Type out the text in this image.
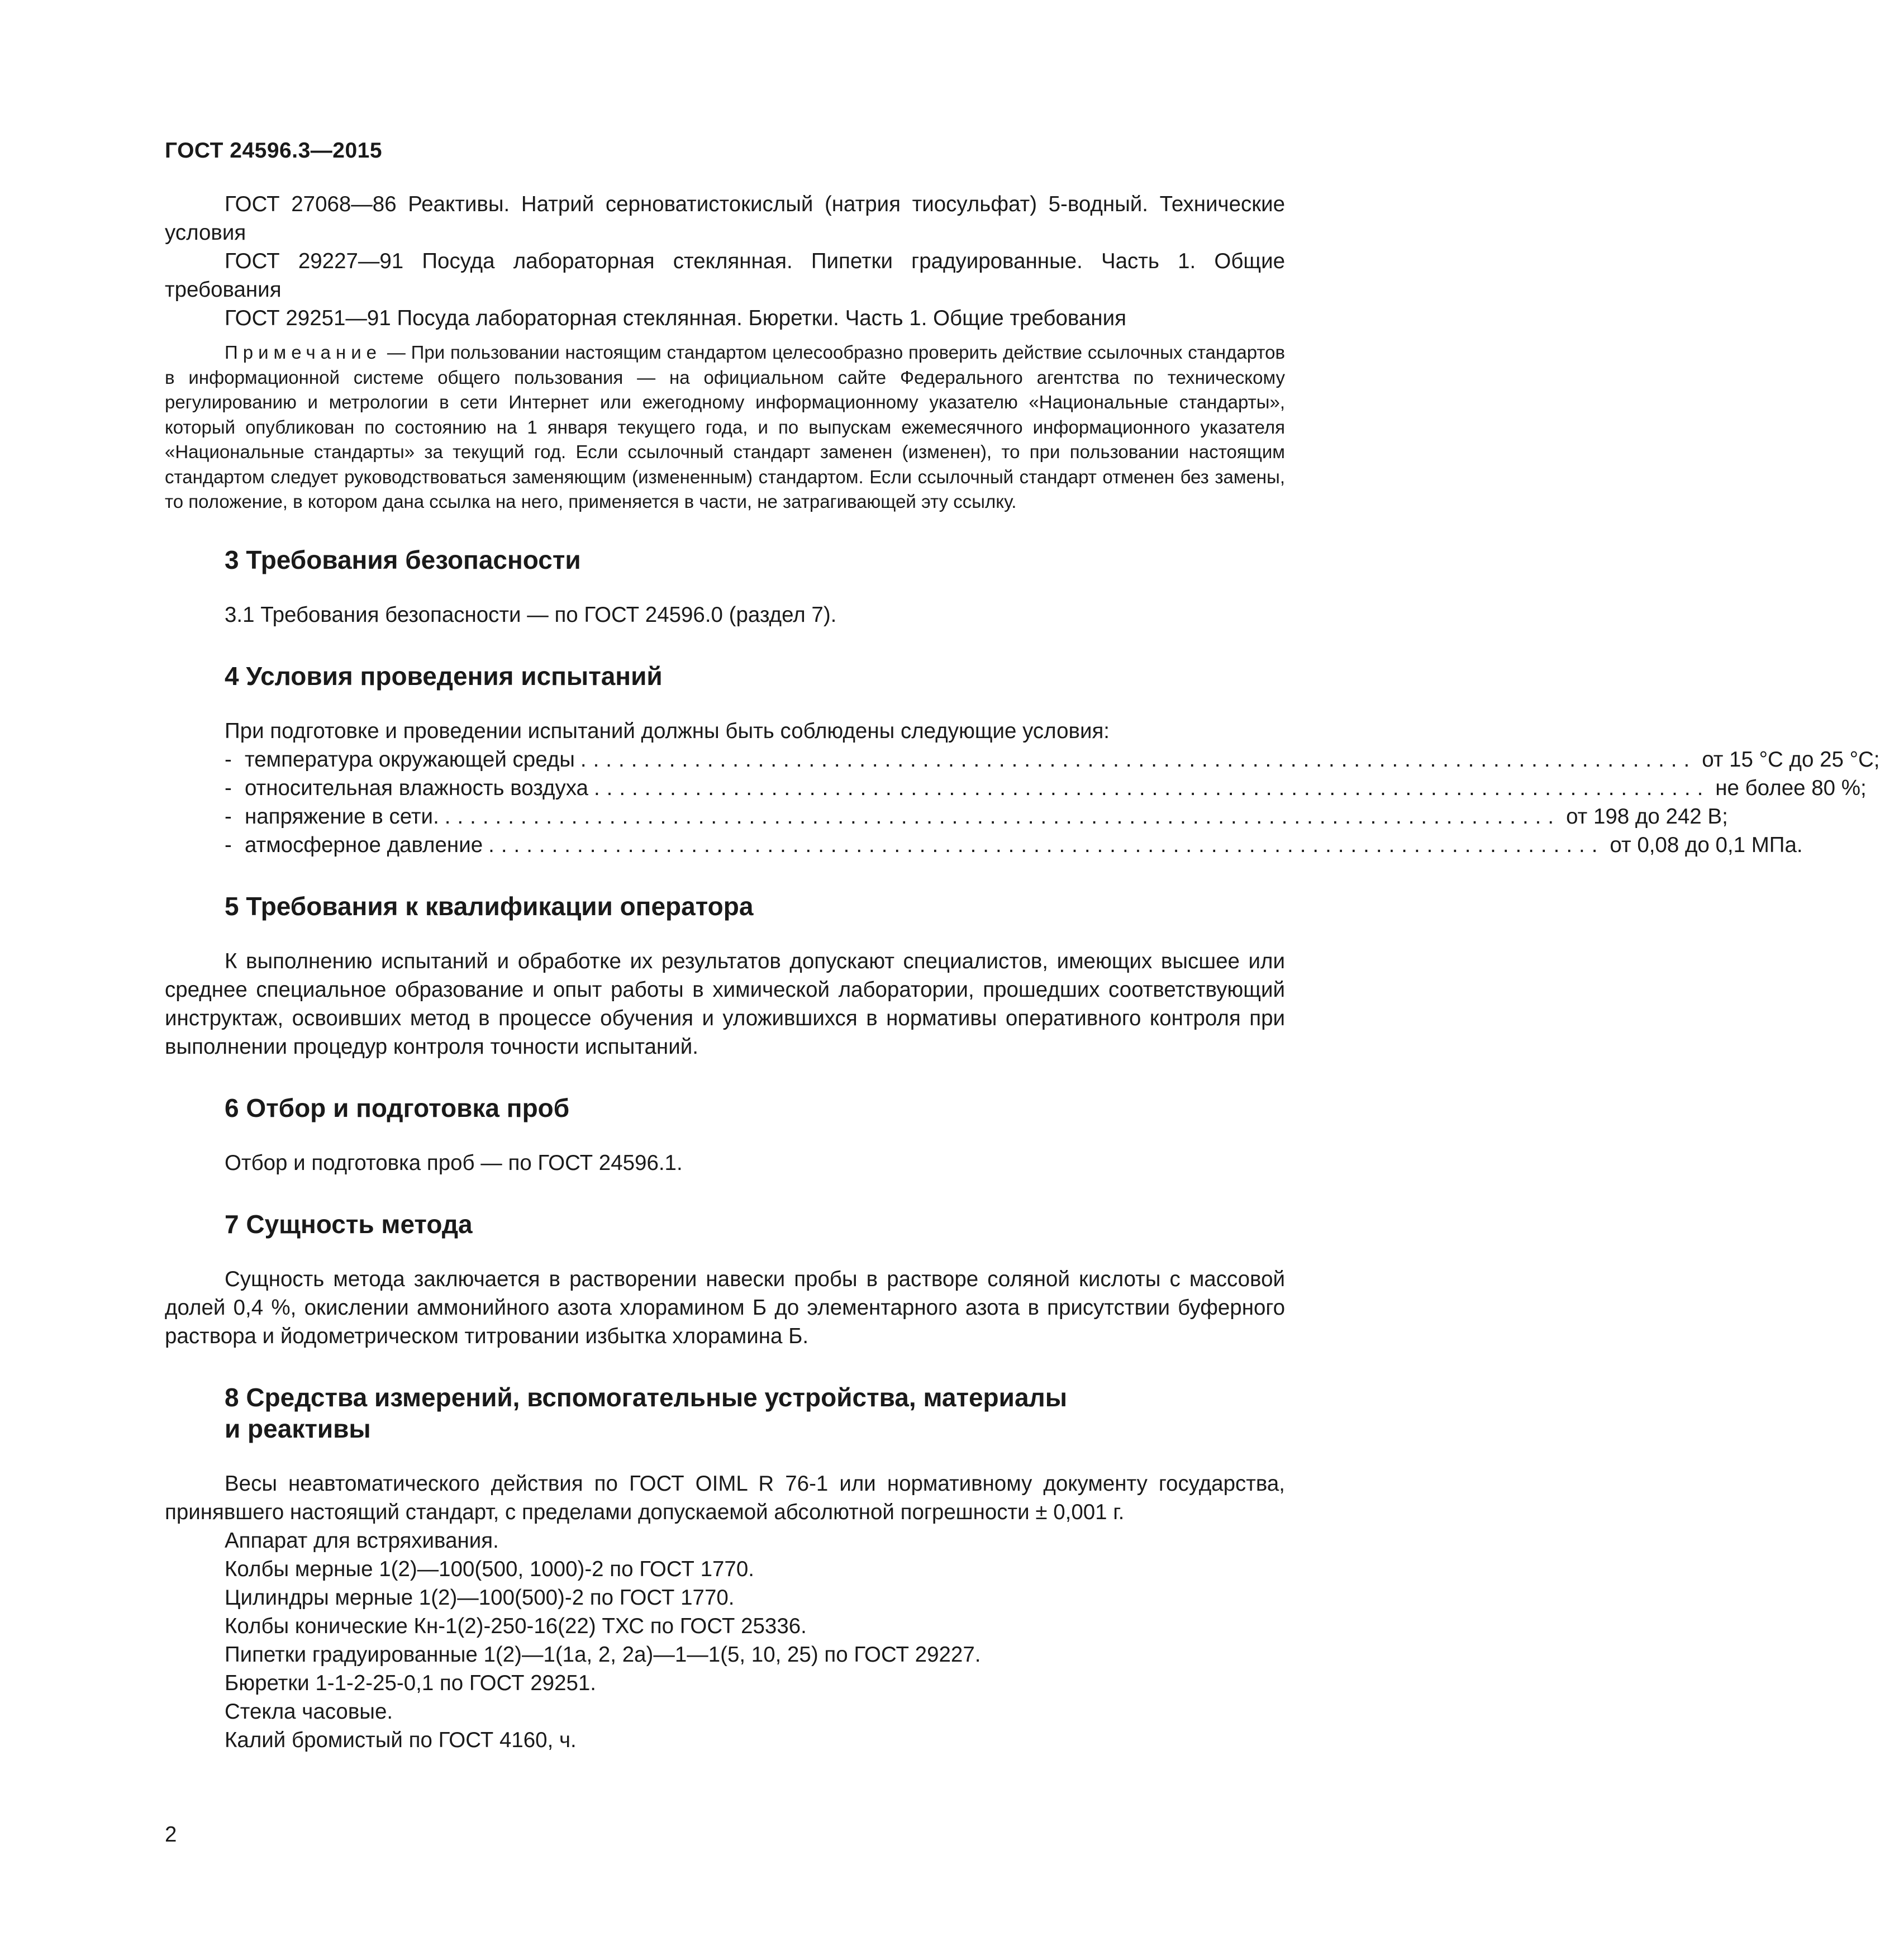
ГОСТ 24596.3—2015

ГОСТ 27068—86 Реактивы. Натрий серноватистокислый (натрия тиосульфат) 5-водный. Технические условия

ГОСТ 29227—91 Посуда лабораторная стеклянная. Пипетки градуированные. Часть 1. Общие требования

ГОСТ 29251—91 Посуда лабораторная стеклянная. Бюретки. Часть 1. Общие требования

Примечание — При пользовании настоящим стандартом целесообразно проверить действие ссылочных стандартов в информационной системе общего пользования — на официальном сайте Федерального агентства по техническому регулированию и метрологии в сети Интернет или ежегодному информационному указателю «Национальные стандарты», который опубликован по состоянию на 1 января текущего года, и по выпускам ежемесячного информационного указателя «Национальные стандарты» за текущий год. Если ссылочный стандарт заменен (изменен), то при пользовании настоящим стандартом следует руководствоваться заменяющим (измененным) стандартом. Если ссылочный стандарт отменен без замены, то положение, в котором дана ссылка на него, применяется в части, не затрагивающей эту ссылку.

3 Требования безопасности

3.1 Требования безопасности — по ГОСТ 24596.0 (раздел 7).

4 Условия проведения испытаний

При подготовке и проведении испытаний должны быть соблюдены следующие условия:

- температура окружающей среды ........................................................................................ от 15 °С до 25 °С;
- относительная влажность воздуха ........................................................................................ не более 80 %;
- напряжение в сети. ........................................................................................ от 198 до 242 В;
- атмосферное давление ........................................................................................ от 0,08 до 0,1 МПа.
5 Требования к квалификации оператора

К выполнению испытаний и обработке их результатов допускают специалистов, имеющих высшее или среднее специальное образование и опыт работы в химической лаборатории, прошедших соответствующий инструктаж, освоивших метод в процессе обучения и уложившихся в нормативы оперативного контроля при выполнении процедур контроля точности испытаний.

6 Отбор и подготовка проб

Отбор и подготовка проб — по ГОСТ 24596.1.

7 Сущность метода

Сущность метода заключается в растворении навески пробы в растворе соляной кислоты с массовой долей 0,4 %, окислении аммонийного азота хлорамином Б до элементарного азота в присутствии буферного раствора и йодометрическом титровании избытка хлорамина Б.

8 Средства измерений, вспомогательные устройства, материалы
и реактивы

Весы неавтоматического действия по ГОСТ OIML R 76-1 или нормативному документу государства, принявшего настоящий стандарт, с пределами допускаемой абсолютной погрешности ± 0,001 г.

Аппарат для встряхивания.
Колбы мерные 1(2)—100(500, 1000)-2 по ГОСТ 1770.
Цилиндры мерные 1(2)—100(500)-2 по ГОСТ 1770.
Колбы конические Кн-1(2)-250-16(22) ТХС по ГОСТ 25336.
Пипетки градуированные 1(2)—1(1а, 2, 2а)—1—1(5, 10, 25) по ГОСТ 29227.
Бюретки 1-1-2-25-0,1 по ГОСТ 29251.
Стекла часовые.
Калий бромистый по ГОСТ 4160, ч.
2
